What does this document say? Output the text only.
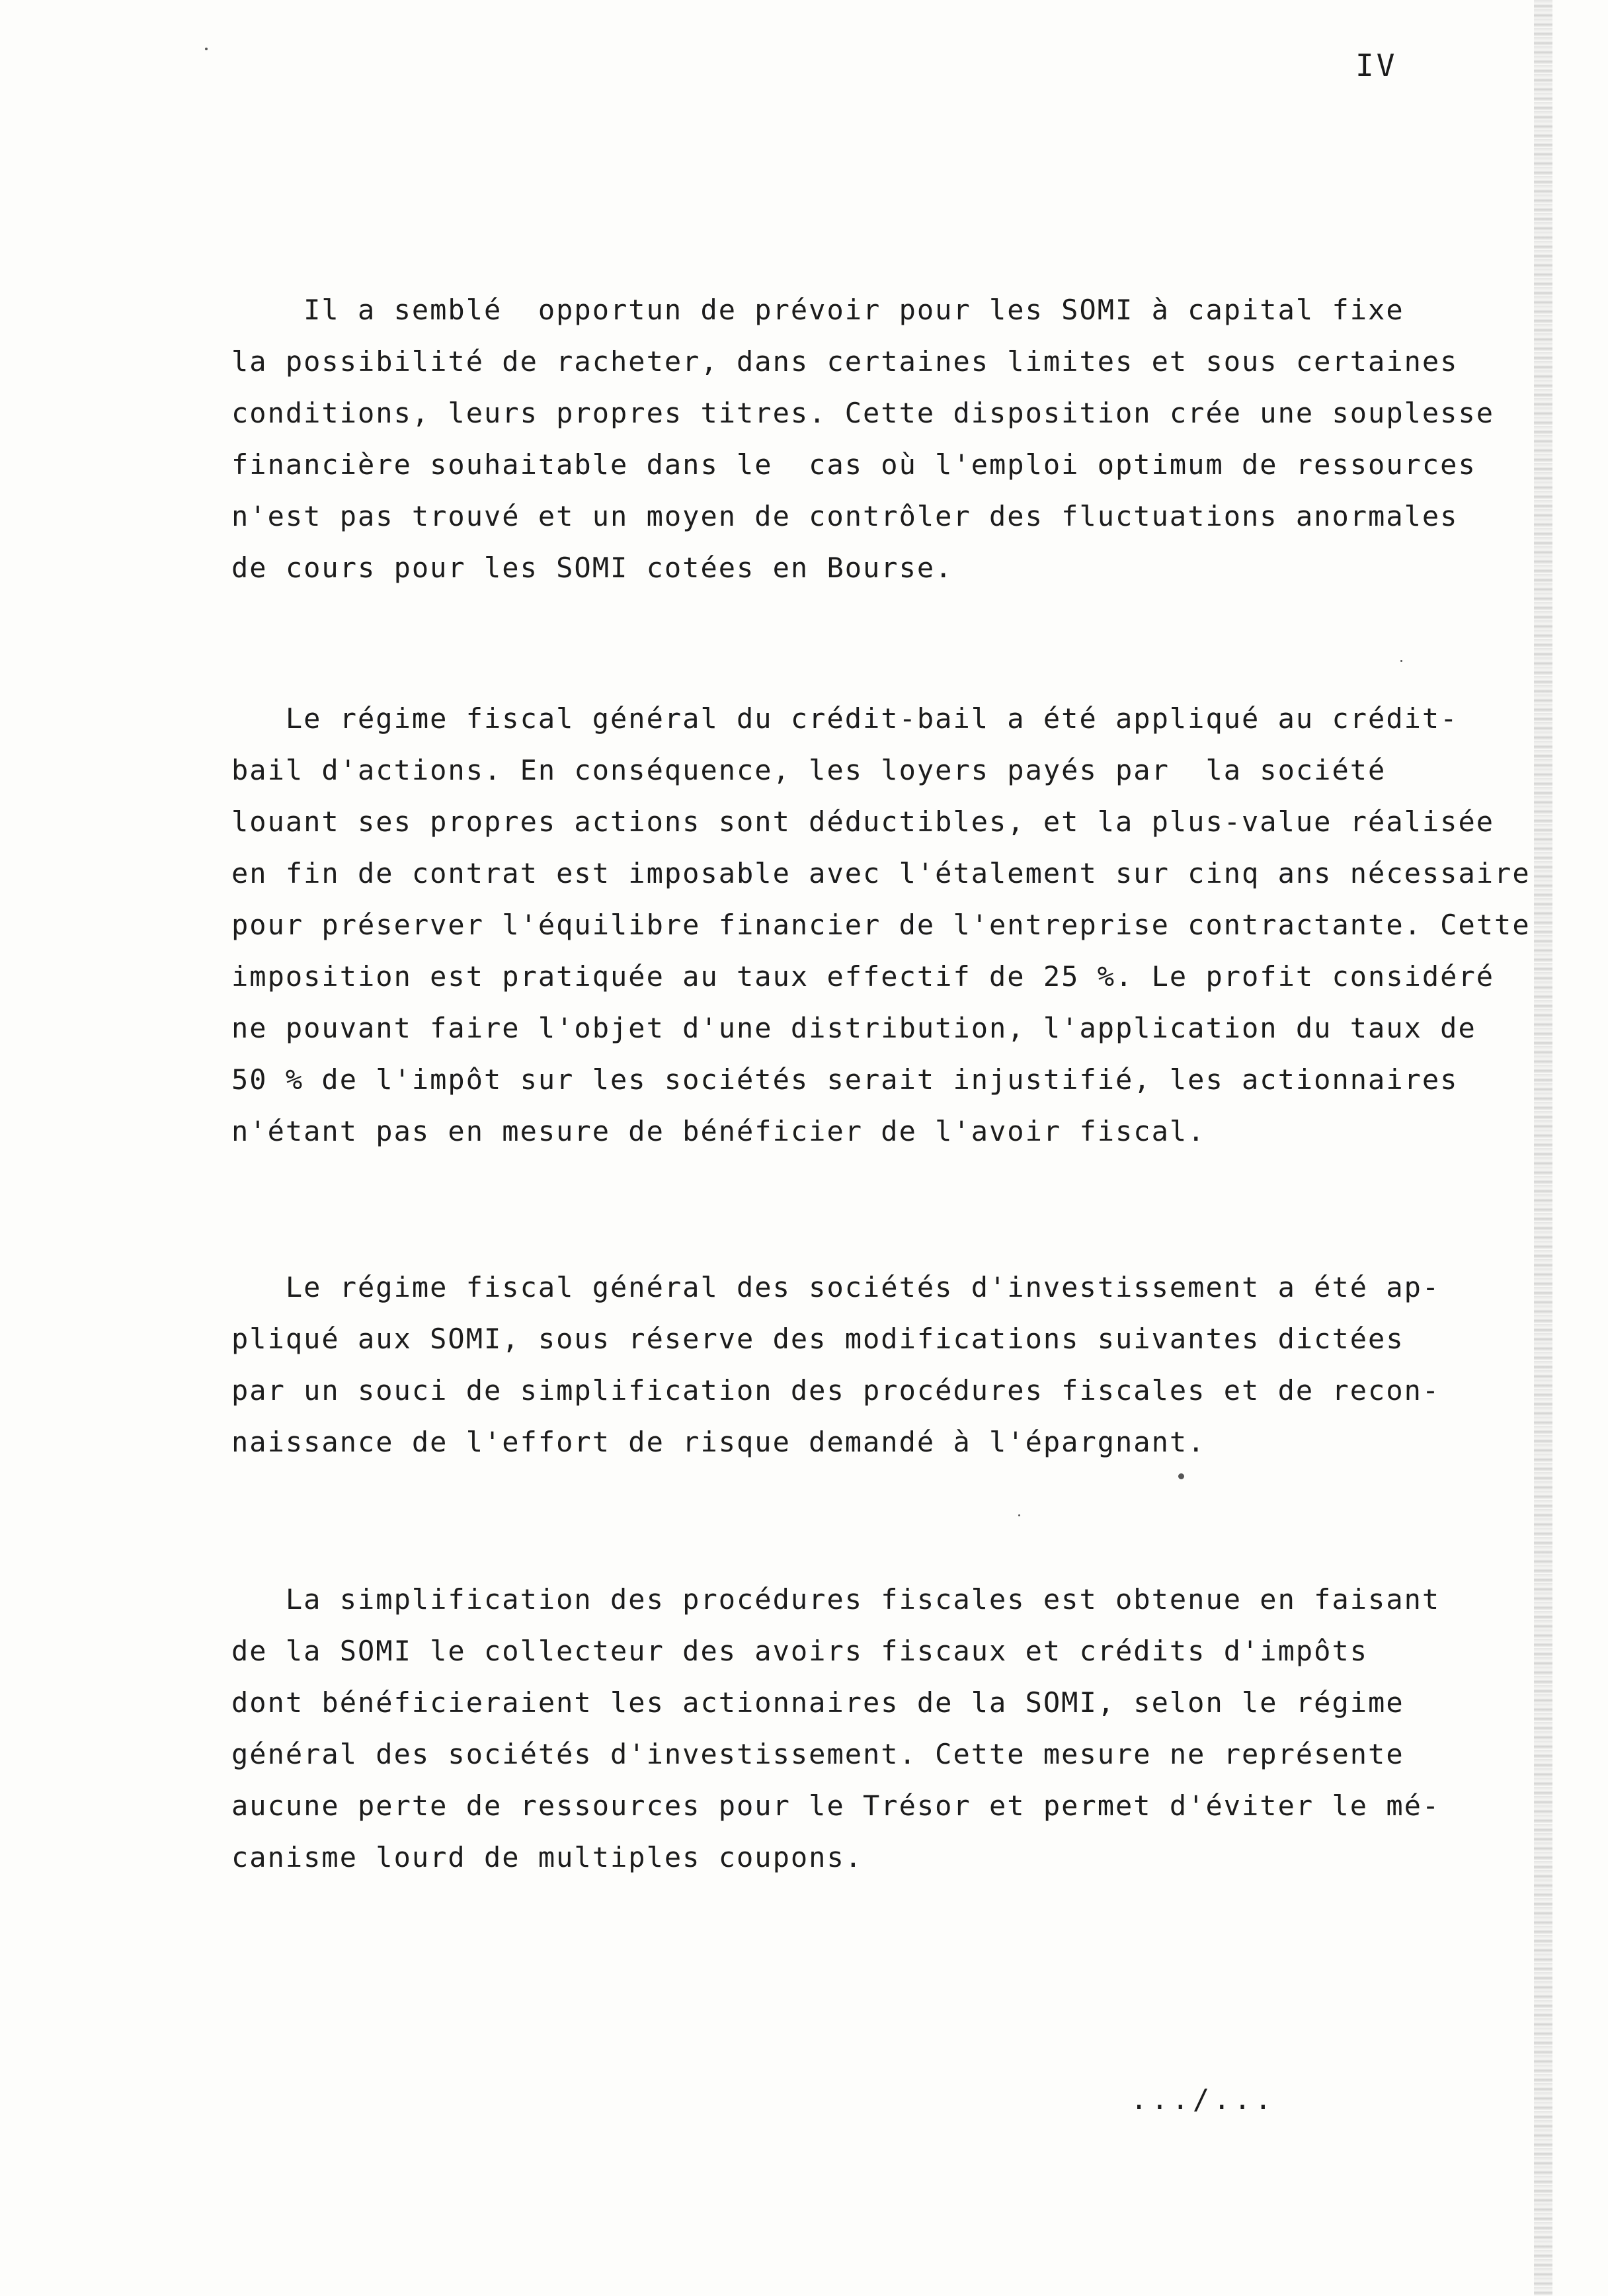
IV
Il a semblé  opportun de prévoir pour les SOMI à capital fixe
la possibilité de racheter, dans certaines limites et sous certaines
conditions, leurs propres titres. Cette disposition crée une souplesse
financière souhaitable dans le  cas où l'emploi optimum de ressources
n'est pas trouvé et un moyen de contrôler des fluctuations anormales
de cours pour les SOMI cotées en Bourse.
Le régime fiscal général du crédit-bail a été appliqué au crédit-
bail d'actions. En conséquence, les loyers payés par  la société
louant ses propres actions sont déductibles, et la plus-value réalisée
en fin de contrat est imposable avec l'étalement sur cinq ans nécessaire
pour préserver l'équilibre financier de l'entreprise contractante. Cette
imposition est pratiquée au taux effectif de 25 %. Le profit considéré
ne pouvant faire l'objet d'une distribution, l'application du taux de
50 % de l'impôt sur les sociétés serait injustifié, les actionnaires
n'étant pas en mesure de bénéficier de l'avoir fiscal.
Le régime fiscal général des sociétés d'investissement a été ap-
pliqué aux SOMI, sous réserve des modifications suivantes dictées
par un souci de simplification des procédures fiscales et de recon-
naissance de l'effort de risque demandé à l'épargnant.
La simplification des procédures fiscales est obtenue en faisant
de la SOMI le collecteur des avoirs fiscaux et crédits d'impôts
dont bénéficieraient les actionnaires de la SOMI, selon le régime
général des sociétés d'investissement. Cette mesure ne représente
aucune perte de ressources pour le Trésor et permet d'éviter le mé-
canisme lourd de multiples coupons.
.../...
